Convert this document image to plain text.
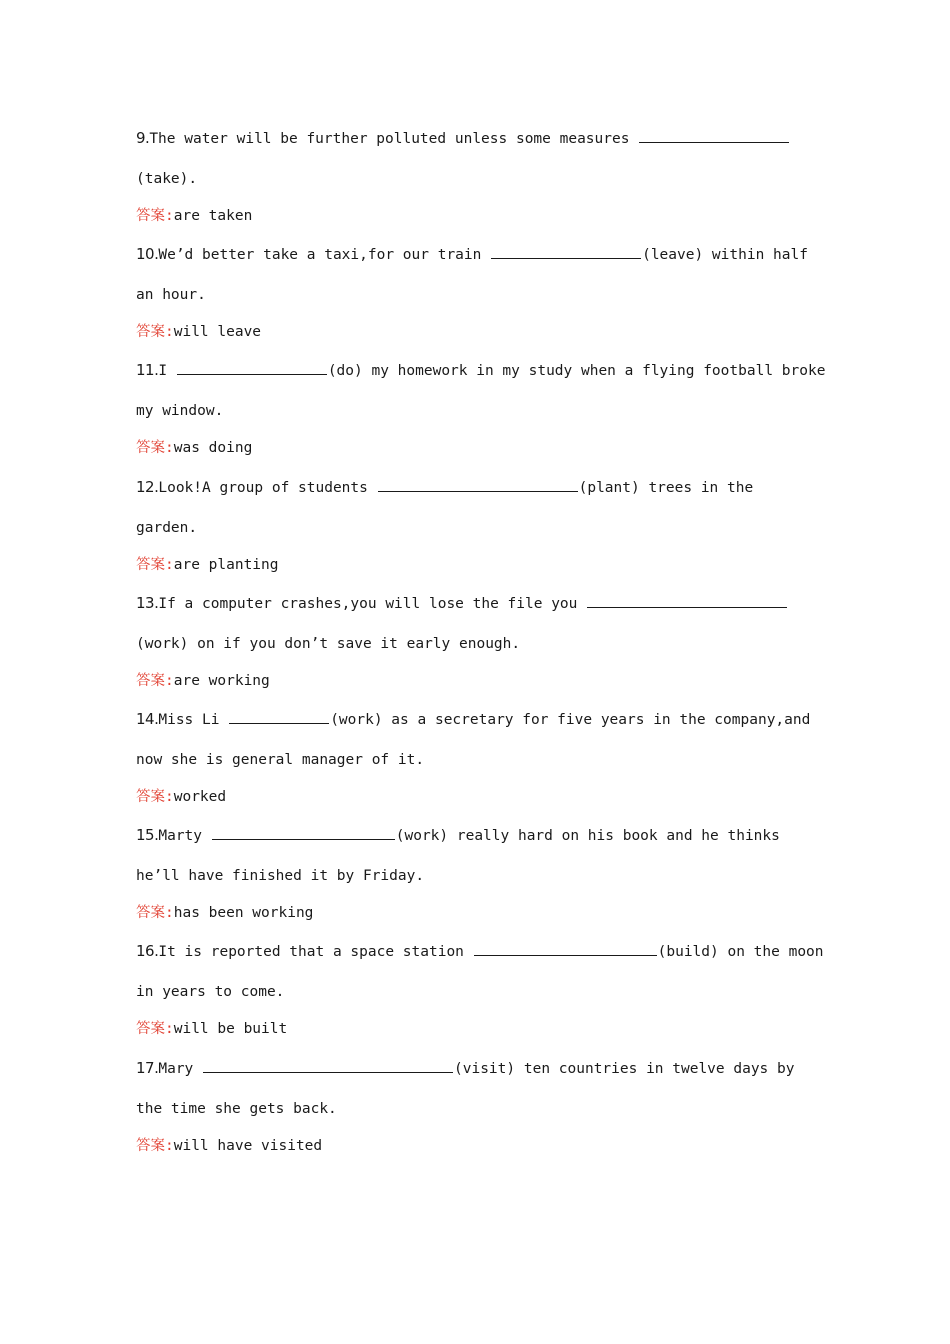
9.The water will be further polluted unless some measures
(take).
答案:are taken
10.We’d better take a taxi,for our train	(leave) within half
an hour.
答案:will leave
11.I	(do) my homework in my study when a flying football broke
my window.
答案:was doing
12.Look!A group of students	(plant) trees in the
garden.
答案:are planting
13.If a computer crashes,you will lose the file you
(work) on if you don’t save it early enough.
答案:are working
14.Miss Li	(work) as a secretary for five years in the company,and
now she is general manager of it.
答案:worked
15.Marty	(work) really hard on his book and he thinks
he’ll have finished it by Friday.
答案:has been working
16.It is reported that a space station	(build) on the moon
in years to come.
答案:will be built
17.Mary	(visit) ten countries in twelve days by
the time she gets back.
答案:will have visited
